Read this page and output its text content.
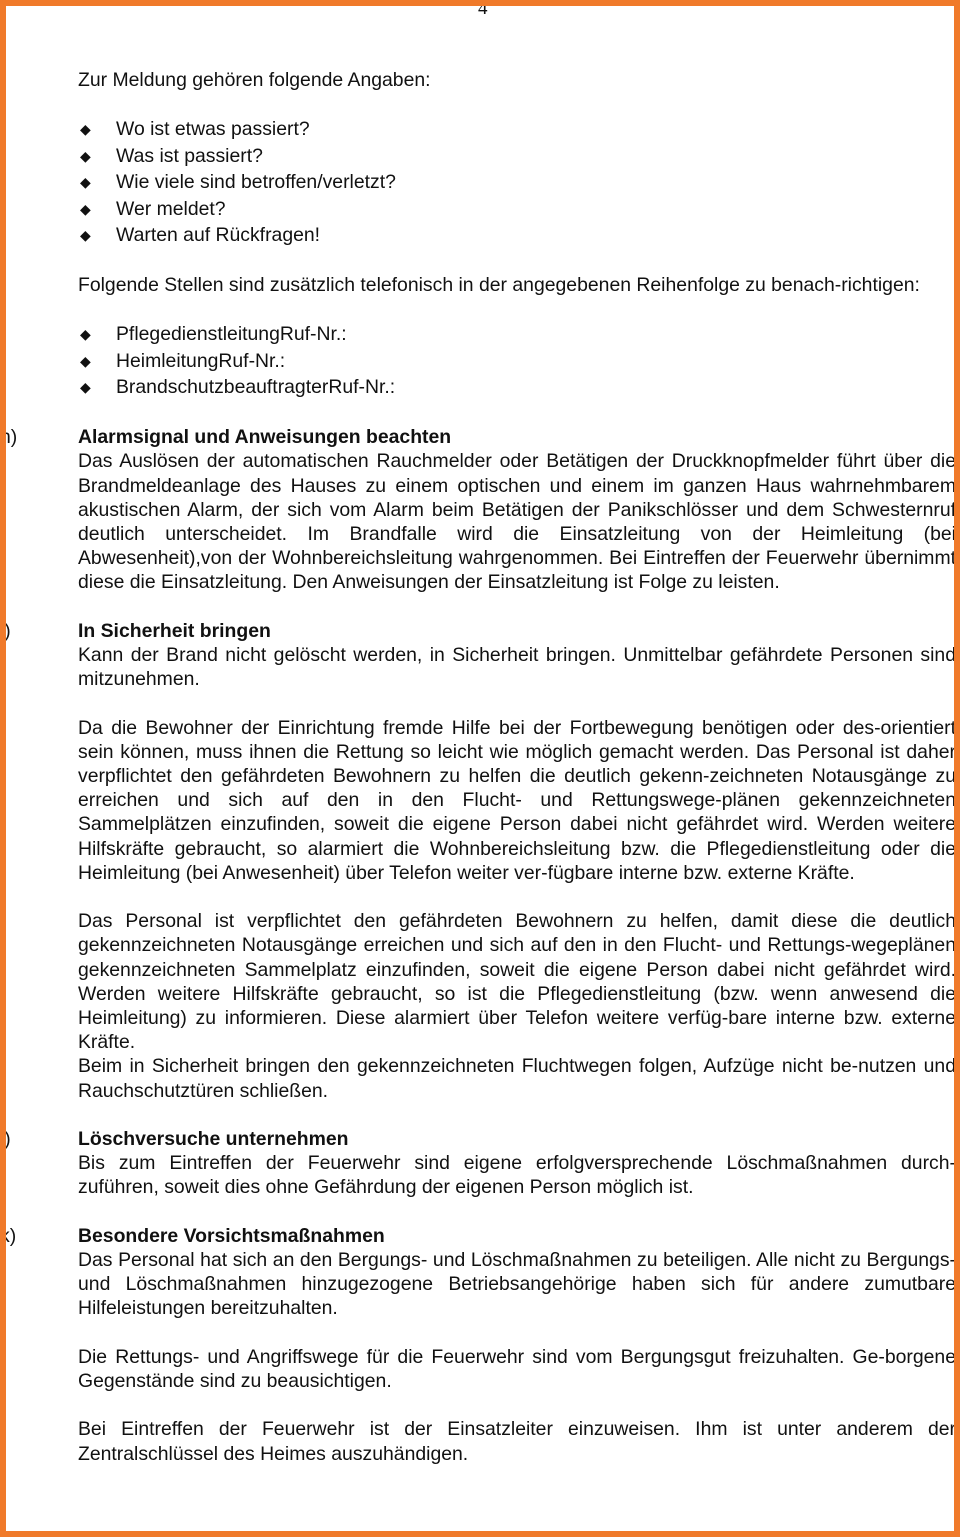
4

Zur Meldung gehören folgende Angaben:

◆ Wo ist etwas passiert?
◆ Was ist passiert?
◆ Wie viele sind betroffen/verletzt?
◆ Wer meldet?
◆ Warten auf Rückfragen!

Folgende Stellen sind zusätzlich telefonisch in der angegebenen Reihenfolge zu benach-richtigen:

◆ PflegedienstleitungRuf-Nr.:
◆ HeimleitungRuf-Nr.:
◆ BrandschutzbeauftragterRuf-Nr.:
h)	Alarmsignal und Anweisungen beachten

Das Auslösen der automatischen Rauchmelder oder Betätigen der Druckknopfmelder führt über die Brandmeldeanlage des Hauses zu einem optischen und einem im ganzen Haus wahrnehmbarem akustischen Alarm, der sich vom Alarm beim Betätigen der Panikschlösser und dem Schwesternruf deutlich unterscheidet. Im Brandfalle wird die Einsatzleitung von der Heimleitung (bei Abwesenheit),von der Wohnbereichsleitung wahrgenommen. Bei Eintreffen der Feuerwehr übernimmt diese die Einsatzleitung. Den Anweisungen der Einsatzleitung ist Folge zu leisten.

i)	In Sicherheit bringen

Kann der Brand nicht gelöscht werden, in Sicherheit bringen. Unmittelbar gefährdete Personen sind mitzunehmen.

Da die Bewohner der Einrichtung fremde Hilfe bei der Fortbewegung benötigen oder des-orientiert sein können, muss ihnen die Rettung so leicht wie möglich gemacht werden. Das Personal ist daher verpflichtet den gefährdeten Bewohnern zu helfen die deutlich gekenn-zeichneten Notausgänge zu erreichen und sich auf den in den Flucht- und Rettungswege-plänen gekennzeichneten Sammelplätzen einzufinden, soweit die eigene Person dabei nicht gefährdet wird. Werden weitere Hilfskräfte gebraucht, so alarmiert die Wohnbereichsleitung bzw. die Pflegedienstleitung oder die Heimleitung (bei Anwesenheit) über Telefon weiter ver-fügbare interne bzw. externe Kräfte.

Das Personal ist verpflichtet den gefährdeten Bewohnern zu helfen, damit diese die deutlich gekennzeichneten Notausgänge erreichen und sich auf den in den Flucht- und Rettungs-wegeplänen gekennzeichneten Sammelplatz einzufinden, soweit die eigene Person dabei nicht gefährdet wird. Werden weitere Hilfskräfte gebraucht, so ist die Pflegedienstleitung (bzw. wenn anwesend die Heimleitung) zu informieren. Diese alarmiert über Telefon weitere verfüg-bare interne bzw. externe Kräfte.

Beim in Sicherheit bringen den gekennzeichneten Fluchtwegen folgen, Aufzüge nicht be-nutzen und Rauchschutztüren schließen.

j)	Löschversuche unternehmen

Bis zum Eintreffen der Feuerwehr sind eigene erfolgversprechende Löschmaßnahmen durch-zuführen, soweit dies ohne Gefährdung der eigenen Person möglich ist.

k)	Besondere Vorsichtsmaßnahmen

Das Personal hat sich an den Bergungs- und Löschmaßnahmen zu beteiligen. Alle nicht zu Bergungs- und Löschmaßnahmen hinzugezogene Betriebsangehörige haben sich für andere zumutbare Hilfeleistungen bereitzuhalten.

Die Rettungs- und Angriffswege für die Feuerwehr sind vom Bergungsgut freizuhalten. Ge-borgene Gegenstände sind zu beausichtigen.

Bei Eintreffen der Feuerwehr ist der Einsatzleiter einzuweisen. Ihm ist unter anderem der Zentralschlüssel des Heimes auszuhändigen.
